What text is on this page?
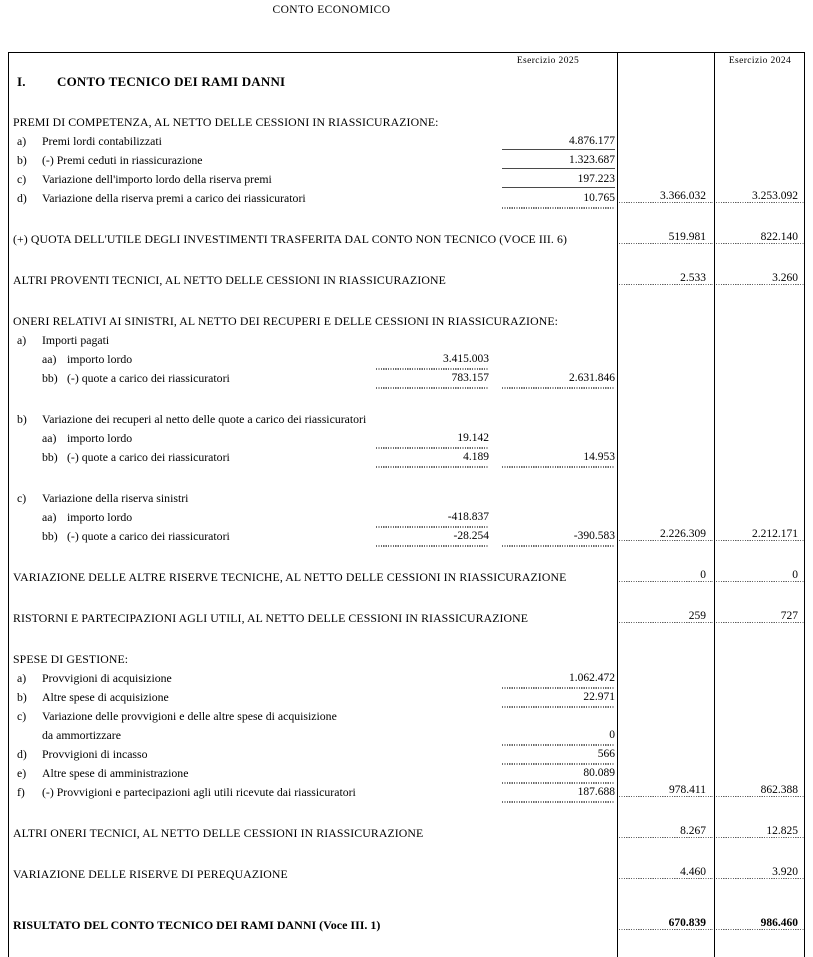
CONTO ECONOMICO
Esercizio 2025	Esercizio 2024
I. CONTO TECNICO DEI RAMI DANNI
PREMI DI COMPETENZA, AL NETTO DELLE CESSIONI IN RIASSICURAZIONE:
a) Premi lordi contabilizzati	4.876.177
b) (-) Premi ceduti in riassicurazione	1.323.687
c) Variazione dell'importo lordo della riserva premi	197.223
d) Variazione della riserva premi a carico dei riassicuratori	10.765	3.366.032	3.253.092
(+) QUOTA DELL'UTILE DEGLI INVESTIMENTI TRASFERITA DAL CONTO NON TECNICO (VOCE III. 6)	519.981	822.140
ALTRI PROVENTI TECNICI, AL NETTO DELLE CESSIONI IN RIASSICURAZIONE	2.533	3.260
ONERI RELATIVI AI SINISTRI, AL NETTO DEI RECUPERI E DELLE CESSIONI IN RIASSICURAZIONE:
a) Importi pagati
aa) importo lordo	3.415.003
bb) (-) quote a carico dei riassicuratori	783.157	2.631.846
b) Variazione dei recuperi al netto delle quote a carico dei riassicuratori
aa) importo lordo	19.142
bb) (-) quote a carico dei riassicuratori	4.189	14.953
c) Variazione della riserva sinistri
aa) importo lordo	-418.837
bb) (-) quote a carico dei riassicuratori	-28.254	-390.583	2.226.309	2.212.171
VARIAZIONE DELLE ALTRE RISERVE TECNICHE, AL NETTO DELLE CESSIONI IN RIASSICURAZIONE	0	0
RISTORNI E PARTECIPAZIONI AGLI UTILI, AL NETTO DELLE CESSIONI IN RIASSICURAZIONE	259	727
SPESE DI GESTIONE:
a) Provvigioni di acquisizione	1.062.472
b) Altre spese di acquisizione	22.971
c) Variazione delle provvigioni e delle altre spese di acquisizione
da ammortizzare	0
d) Provvigioni di incasso	566
e) Altre spese di amministrazione	80.089
f) (-) Provvigioni e partecipazioni agli utili ricevute dai riassicuratori	187.688	978.411	862.388
ALTRI ONERI TECNICI, AL NETTO DELLE CESSIONI IN RIASSICURAZIONE	8.267	12.825
VARIAZIONE DELLE RISERVE DI PEREQUAZIONE	4.460	3.920
RISULTATO DEL CONTO TECNICO DEI RAMI DANNI (Voce III. 1)	670.839	986.460
